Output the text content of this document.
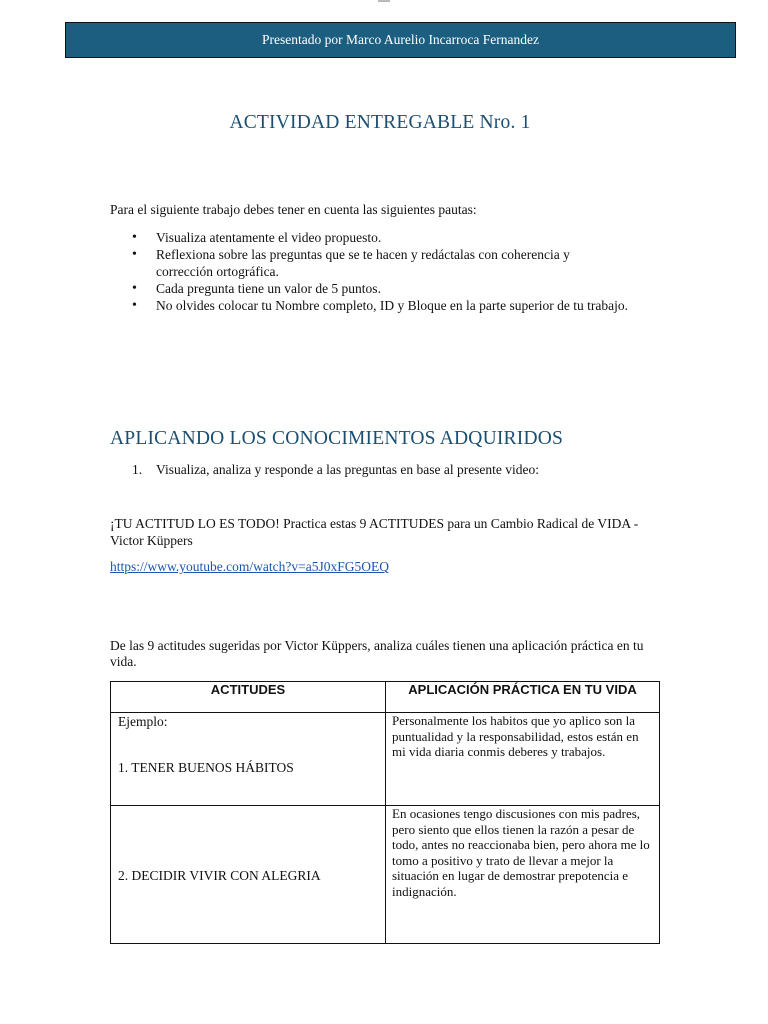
Presentado por Marco Aurelio Incarroca Fernandez
ACTIVIDAD ENTREGABLE Nro. 1
Para el siguiente trabajo debes tener en cuenta las siguientes pautas:
• Visualiza atentamente el video propuesto.
• Reflexiona sobre las preguntas que se te hacen y redáctalas con coherencia y corrección ortográfica.
• Cada pregunta tiene un valor de 5 puntos.
• No olvides colocar tu Nombre completo, ID y Bloque en la parte superior de tu trabajo.
APLICANDO LOS CONOCIMIENTOS ADQUIRIDOS
1. Visualiza, analiza y responde a las preguntas en base al presente video:
¡TU ACTITUD LO ES TODO! Practica estas 9 ACTITUDES para un Cambio Radical de VIDA - Victor Küppers
https://www.youtube.com/watch?v=a5J0xFG5OEQ
De las 9 actitudes sugeridas por Victor Küppers, analiza cuáles tienen una aplicación práctica en tu vida.
ACTITUDES	APLICACIÓN PRÁCTICA EN TU VIDA

Ejemplo:
1. TENER BUENOS HÁBITOS	Personalmente los habitos que yo aplico son la puntualidad y la responsabilidad, estos están en mi vida diaria conmis deberes y trabajos.

2. DECIDIR VIVIR CON ALEGRIA	En ocasiones tengo discusiones con mis padres, pero siento que ellos tienen la razón a pesar de todo, antes no reaccionaba bien, pero ahora me lo tomo a positivo y trato de llevar a mejor la situación en lugar de demostrar prepotencia e indignación.
